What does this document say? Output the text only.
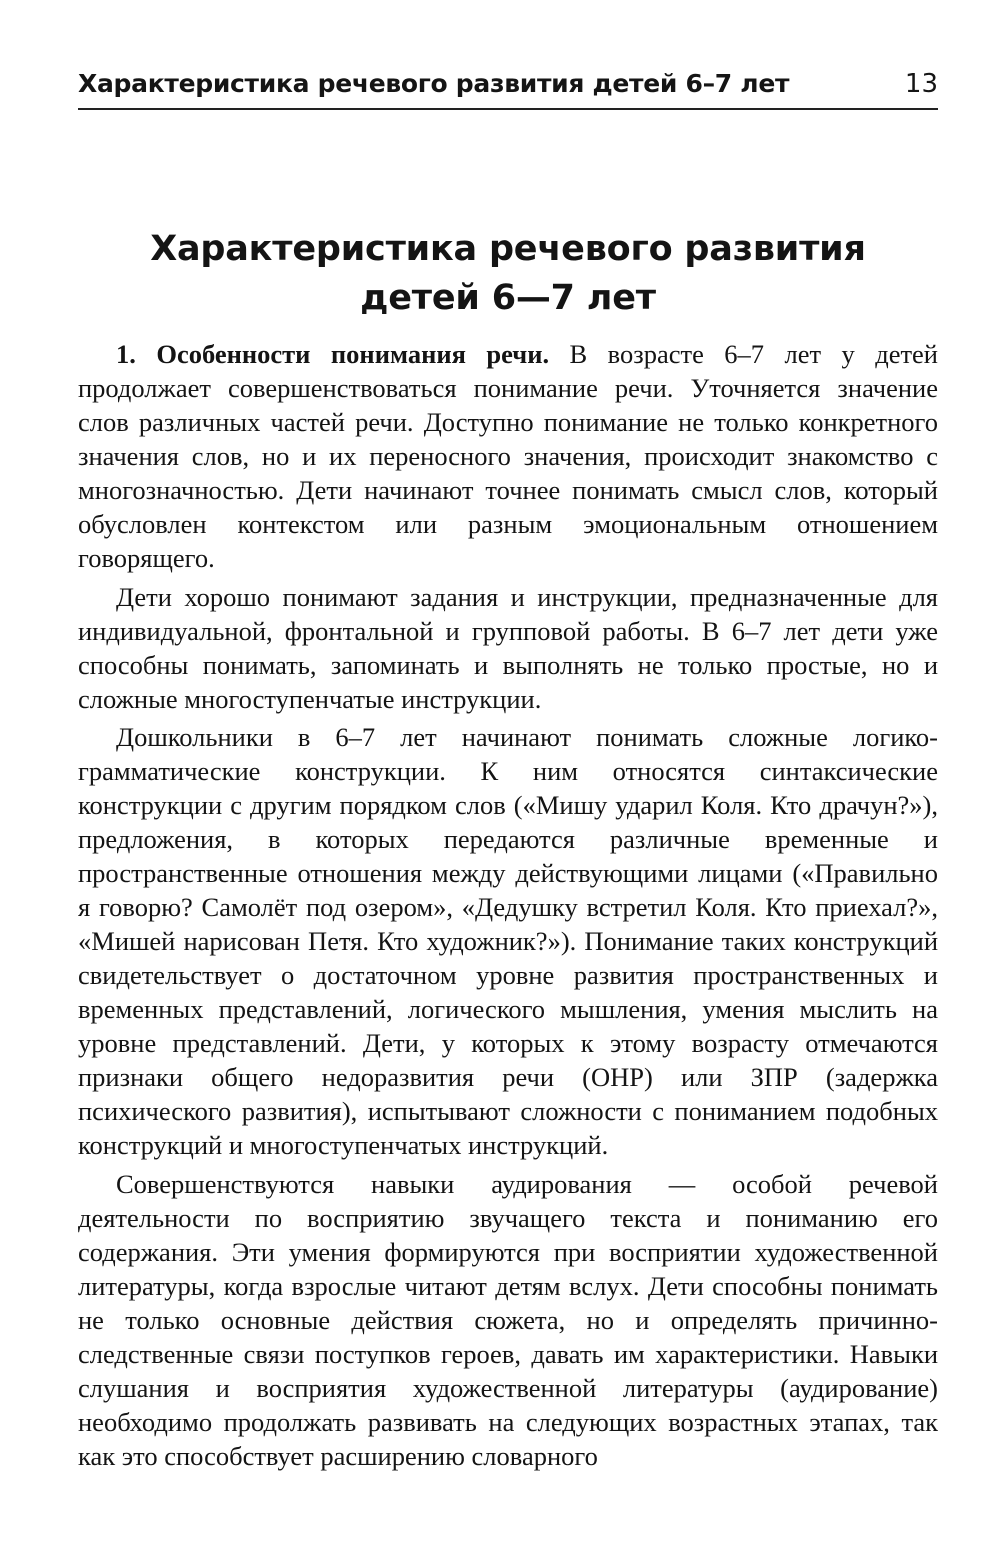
Характеристика речевого развития детей 6–7 лет	13
Характеристика речевого развития
детей 6—7 лет

1. Особенности понимания речи. В возрасте 6–7 лет у детей продолжает совершенствоваться понимание речи. Уточняется значение слов различных частей речи. Доступно понимание не только конкретного значения слов, но и их переносного значения, происходит знакомство с многозначностью. Дети начинают точнее понимать смысл слов, который обусловлен контекстом или разным эмоциональным отношением говорящего.

Дети хорошо понимают задания и инструкции, предназначенные для индивидуальной, фронтальной и групповой работы. В 6–7 лет дети уже способны понимать, запоминать и выполнять не только простые, но и сложные многоступенчатые инструкции.

Дошкольники в 6–7 лет начинают понимать сложные логико-грамматические конструкции. К ним относятся синтаксические конструкции с другим порядком слов («Мишу ударил Коля. Кто драчун?»), предложения, в которых передаются различные временные и пространственные отношения между действующими лицами («Правильно я говорю? Самолёт под озером», «Дедушку встретил Коля. Кто приехал?», «Мишей нарисован Петя. Кто художник?»). Понимание таких конструкций свидетельствует о достаточном уровне развития пространственных и временных представлений, логического мышления, умения мыслить на уровне представлений. Дети, у которых к этому возрасту отмечаются признаки общего недоразвития речи (ОНР) или ЗПР (задержка психического развития), испытывают сложности с пониманием подобных конструкций и многоступенчатых инструкций.

Совершенствуются навыки аудирования — особой речевой деятельности по восприятию звучащего текста и пониманию его содержания. Эти умения формируются при восприятии художественной литературы, когда взрослые читают детям вслух. Дети способны понимать не только основные действия сюжета, но и определять причинно-следственные связи поступков героев, давать им характеристики. Навыки слушания и восприятия художественной литературы (аудирование) необходимо продолжать развивать на следующих возрастных этапах, так как это способствует расширению словарного
